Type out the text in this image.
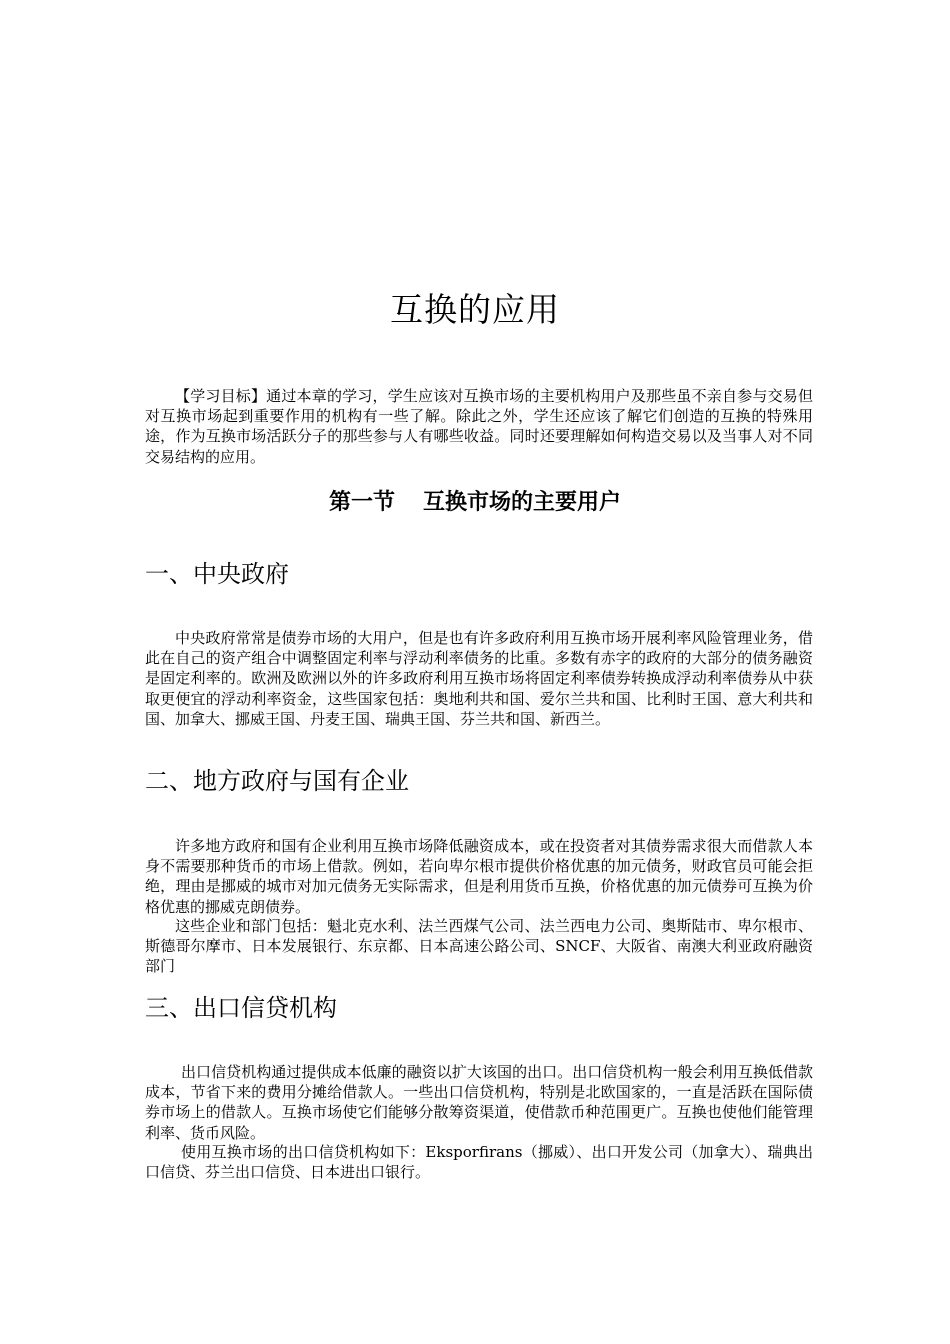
互换的应用

【学习目标】通过本章的学习，学生应该对互换市场的主要机构用户及那些虽不亲自参与交易但对互换市场起到重要作用的机构有一些了解。除此之外，学生还应该了解它们创造的互换的特殊用途，作为互换市场活跃分子的那些参与人有哪些收益。同时还要理解如何构造交易以及当事人对不同交易结构的应用。

第一节 互换市场的主要用户
一、中央政府

中央政府常常是债券市场的大用户，但是也有许多政府利用互换市场开展利率风险管理业务，借此在自己的资产组合中调整固定利率与浮动利率债务的比重。多数有赤字的政府的大部分的债务融资是固定利率的。欧洲及欧洲以外的许多政府利用互换市场将固定利率债券转换成浮动利率债券从中获取更便宜的浮动利率资金，这些国家包括：奥地利共和国、爱尔兰共和国、比利时王国、意大利共和国、加拿大、挪威王国、丹麦王国、瑞典王国、芬兰共和国、新西兰。

二、地方政府与国有企业

许多地方政府和国有企业利用互换市场降低融资成本，或在投资者对其债券需求很大而借款人本身不需要那种货币的市场上借款。例如，若向卑尔根市提供价格优惠的加元债务，财政官员可能会拒绝，理由是挪威的城市对加元债务无实际需求，但是利用货币互换，价格优惠的加元债券可互换为价格优惠的挪威克朗债券。

这些企业和部门包括：魁北克水利、法兰西煤气公司、法兰西电力公司、奥斯陆市、卑尔根市、斯德哥尔摩市、日本发展银行、东京都、日本高速公路公司、SNCF、大阪省、南澳大利亚政府融资部门

三、出口信贷机构

出口信贷机构通过提供成本低廉的融资以扩大该国的出口。出口信贷机构一般会利用互换低借款成本，节省下来的费用分摊给借款人。一些出口信贷机构，特别是北欧国家的，一直是活跃在国际债券市场上的借款人。互换市场使它们能够分散筹资渠道，使借款币种范围更广。互换也使他们能管理利率、货币风险。

使用互换市场的出口信贷机构如下：Eksporfirans（挪威）、出口开发公司（加拿大）、瑞典出口信贷、芬兰出口信贷、日本进出口银行。
